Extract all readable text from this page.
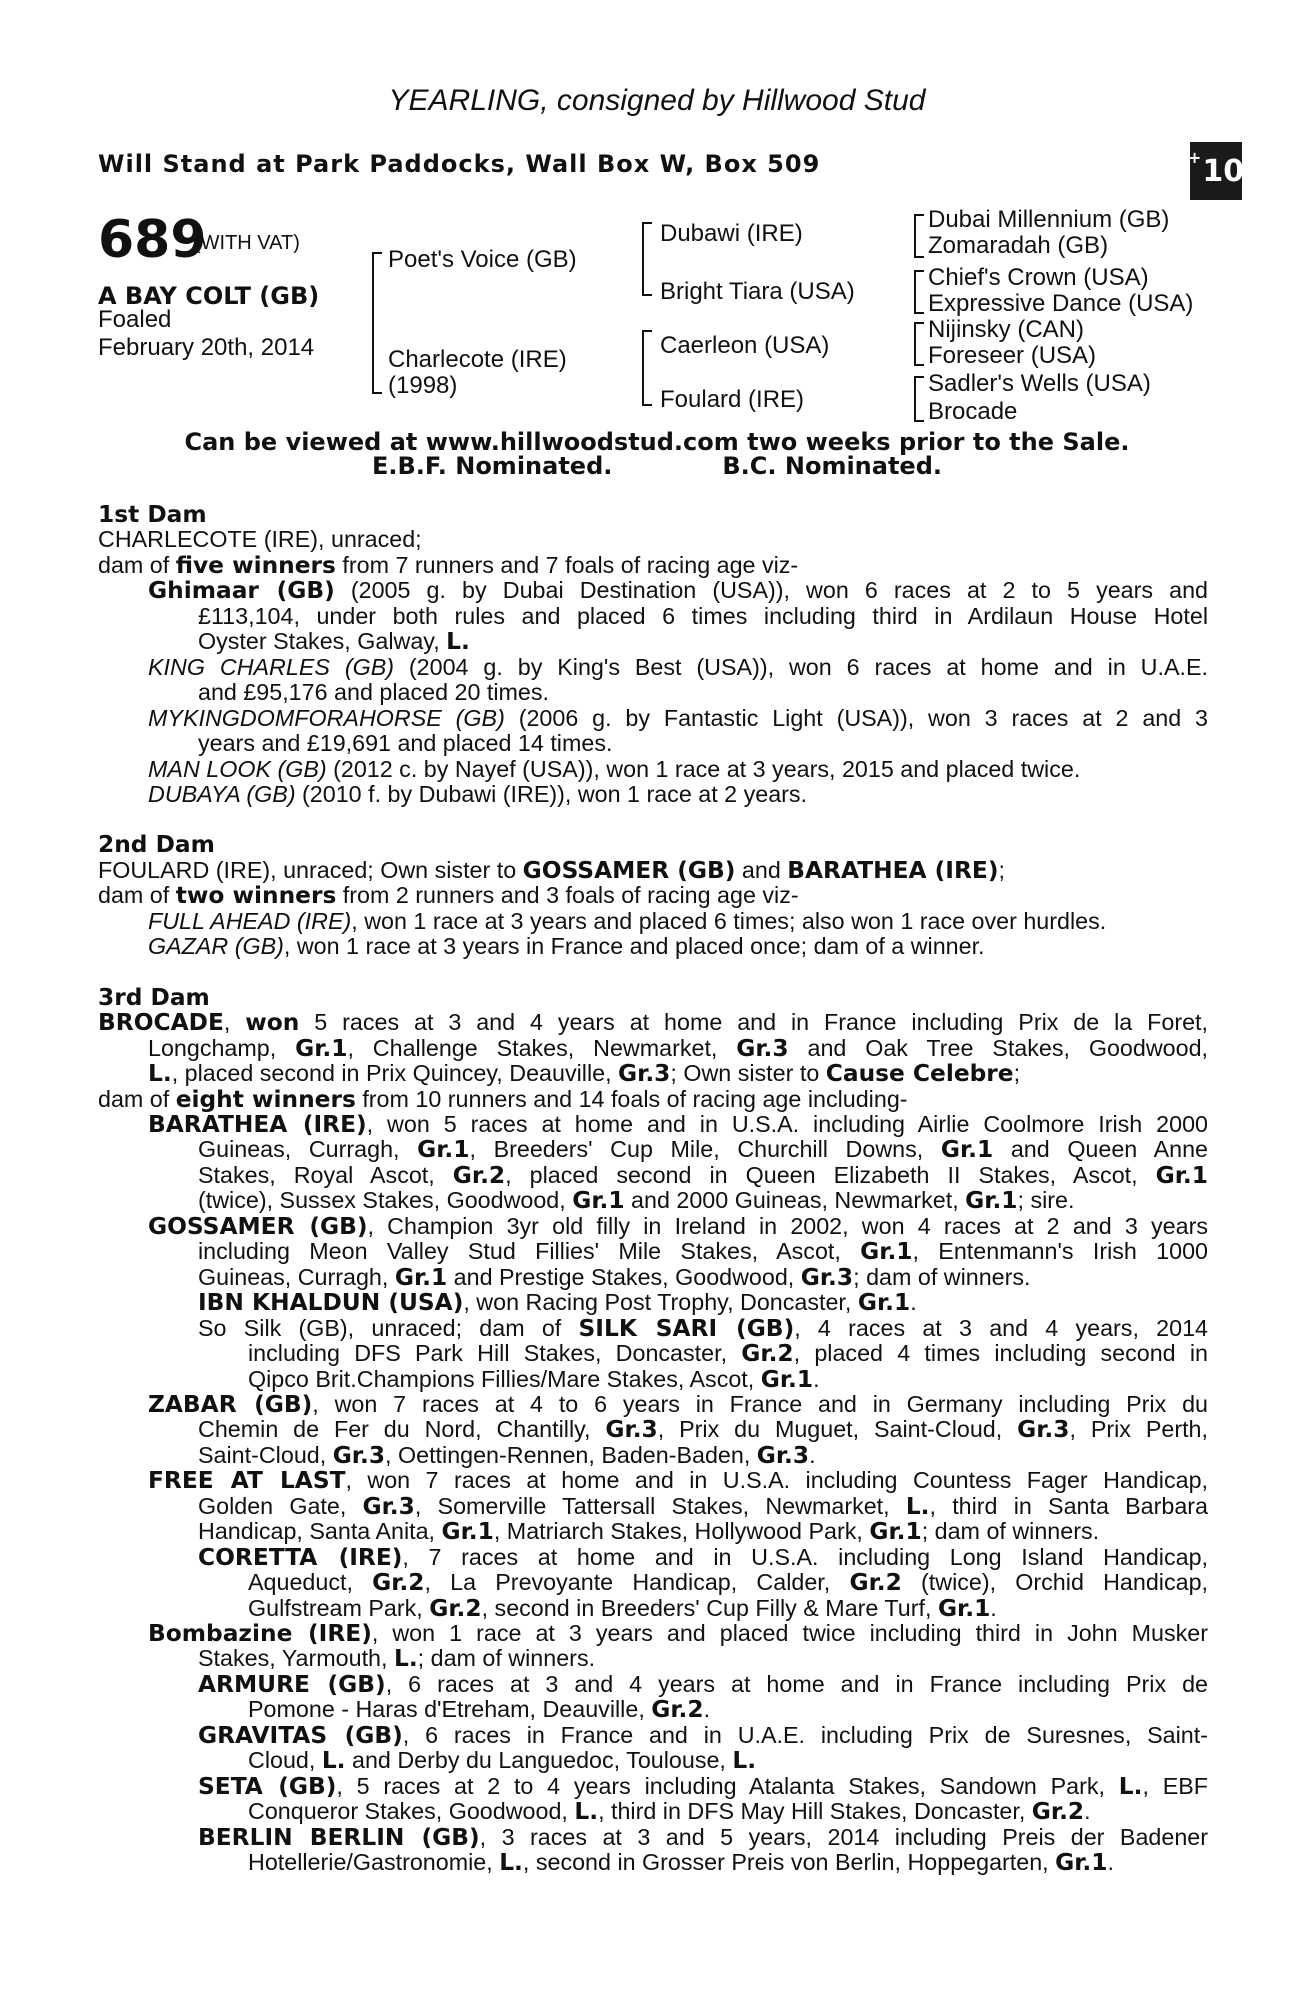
YEARLING, consigned by Hillwood Stud
Will Stand at Park Paddocks, Wall Box W, Box 509	+ 10
689
(WITH VAT)
A BAY COLT (GB)
Foaled
February 20th, 2014
Poet's Voice (GB)
Charlecote (IRE)
(1998)
Dubawi (IRE)
Bright Tiara (USA)
Caerleon (USA)
Foulard (IRE)
Dubai Millennium (GB)
Zomaradah (GB)
Chief's Crown (USA)
Expressive Dance (USA)
Nijinsky (CAN)
Foreseer (USA)
Sadler's Wells (USA)
Brocade
Can be viewed at www.hillwoodstud.com two weeks prior to the Sale.
E.B.F. Nominated.	B.C. Nominated.
1st Dam
CHARLECOTE (IRE), unraced;
dam of five winners from 7 runners and 7 foals of racing age viz-
Ghimaar (GB) (2005 g. by Dubai Destination (USA)), won 6 races at 2 to 5 years and
£113,104, under both rules and placed 6 times including third in Ardilaun House Hotel
Oyster Stakes, Galway, L.
KING CHARLES (GB) (2004 g. by King's Best (USA)), won 6 races at home and in U.A.E.
and £95,176 and placed 20 times.
MYKINGDOMFORAHORSE (GB) (2006 g. by Fantastic Light (USA)), won 3 races at 2 and 3
years and £19,691 and placed 14 times.
MAN LOOK (GB) (2012 c. by Nayef (USA)), won 1 race at 3 years, 2015 and placed twice.
DUBAYA (GB) (2010 f. by Dubawi (IRE)), won 1 race at 2 years.
2nd Dam
FOULARD (IRE), unraced; Own sister to GOSSAMER (GB) and BARATHEA (IRE);
dam of two winners from 2 runners and 3 foals of racing age viz-
FULL AHEAD (IRE), won 1 race at 3 years and placed 6 times; also won 1 race over hurdles.
GAZAR (GB), won 1 race at 3 years in France and placed once; dam of a winner.
3rd Dam
BROCADE, won 5 races at 3 and 4 years at home and in France including Prix de la Foret,
Longchamp, Gr.1, Challenge Stakes, Newmarket, Gr.3 and Oak Tree Stakes, Goodwood,
L., placed second in Prix Quincey, Deauville, Gr.3; Own sister to Cause Celebre;
dam of eight winners from 10 runners and 14 foals of racing age including-
BARATHEA (IRE), won 5 races at home and in U.S.A. including Airlie Coolmore Irish 2000
Guineas, Curragh, Gr.1, Breeders' Cup Mile, Churchill Downs, Gr.1 and Queen Anne
Stakes, Royal Ascot, Gr.2, placed second in Queen Elizabeth II Stakes, Ascot, Gr.1
(twice), Sussex Stakes, Goodwood, Gr.1 and 2000 Guineas, Newmarket, Gr.1; sire.
GOSSAMER (GB), Champion 3yr old filly in Ireland in 2002, won 4 races at 2 and 3 years
including Meon Valley Stud Fillies' Mile Stakes, Ascot, Gr.1, Entenmann's Irish 1000
Guineas, Curragh, Gr.1 and Prestige Stakes, Goodwood, Gr.3; dam of winners.
IBN KHALDUN (USA), won Racing Post Trophy, Doncaster, Gr.1.
So Silk (GB), unraced; dam of SILK SARI (GB), 4 races at 3 and 4 years, 2014
including DFS Park Hill Stakes, Doncaster, Gr.2, placed 4 times including second in
Qipco Brit.Champions Fillies/Mare Stakes, Ascot, Gr.1.
ZABAR (GB), won 7 races at 4 to 6 years in France and in Germany including Prix du
Chemin de Fer du Nord, Chantilly, Gr.3, Prix du Muguet, Saint-Cloud, Gr.3, Prix Perth,
Saint-Cloud, Gr.3, Oettingen-Rennen, Baden-Baden, Gr.3.
FREE AT LAST, won 7 races at home and in U.S.A. including Countess Fager Handicap,
Golden Gate, Gr.3, Somerville Tattersall Stakes, Newmarket, L., third in Santa Barbara
Handicap, Santa Anita, Gr.1, Matriarch Stakes, Hollywood Park, Gr.1; dam of winners.
CORETTA (IRE), 7 races at home and in U.S.A. including Long Island Handicap,
Aqueduct, Gr.2, La Prevoyante Handicap, Calder, Gr.2 (twice), Orchid Handicap,
Gulfstream Park, Gr.2, second in Breeders' Cup Filly & Mare Turf, Gr.1.
Bombazine (IRE), won 1 race at 3 years and placed twice including third in John Musker
Stakes, Yarmouth, L.; dam of winners.
ARMURE (GB), 6 races at 3 and 4 years at home and in France including Prix de
Pomone - Haras d'Etreham, Deauville, Gr.2.
GRAVITAS (GB), 6 races in France and in U.A.E. including Prix de Suresnes, Saint-
Cloud, L. and Derby du Languedoc, Toulouse, L.
SETA (GB), 5 races at 2 to 4 years including Atalanta Stakes, Sandown Park, L., EBF
Conqueror Stakes, Goodwood, L., third in DFS May Hill Stakes, Doncaster, Gr.2.
BERLIN BERLIN (GB), 3 races at 3 and 5 years, 2014 including Preis der Badener
Hotellerie/Gastronomie, L., second in Grosser Preis von Berlin, Hoppegarten, Gr.1.
